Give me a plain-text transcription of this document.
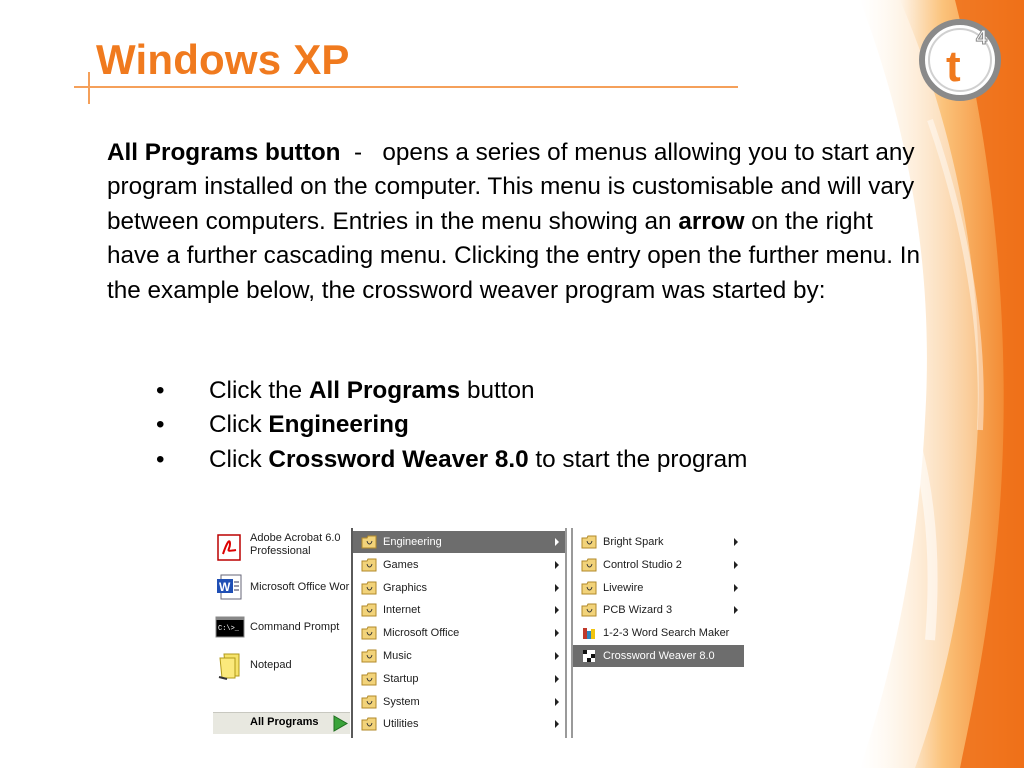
t
4
Windows XP
All Programs button - opens a series of menus allowing you to start any program installed on the computer. This menu is customisable and will vary between computers. Entries in the menu showing an arrow on the right have a further cascading menu. Clicking the entry open the further menu. In the example below, the crossword weaver program was started by:
•	Click the All Programs button
•	Click Engineering
•	Click Crossword Weaver 8.0 to start the program
Adobe Acrobat 6.0
Professional
W Microsoft Office Wor
C:\>_ Command Prompt
Notepad
All Programs
Engineering
Games
Graphics
Internet
Microsoft Office
Music
Startup
System
Utilities
Bright Spark
Control Studio 2
Livewire
PCB Wizard 3
1-2-3 Word Search Maker
Crossword Weaver 8.0
